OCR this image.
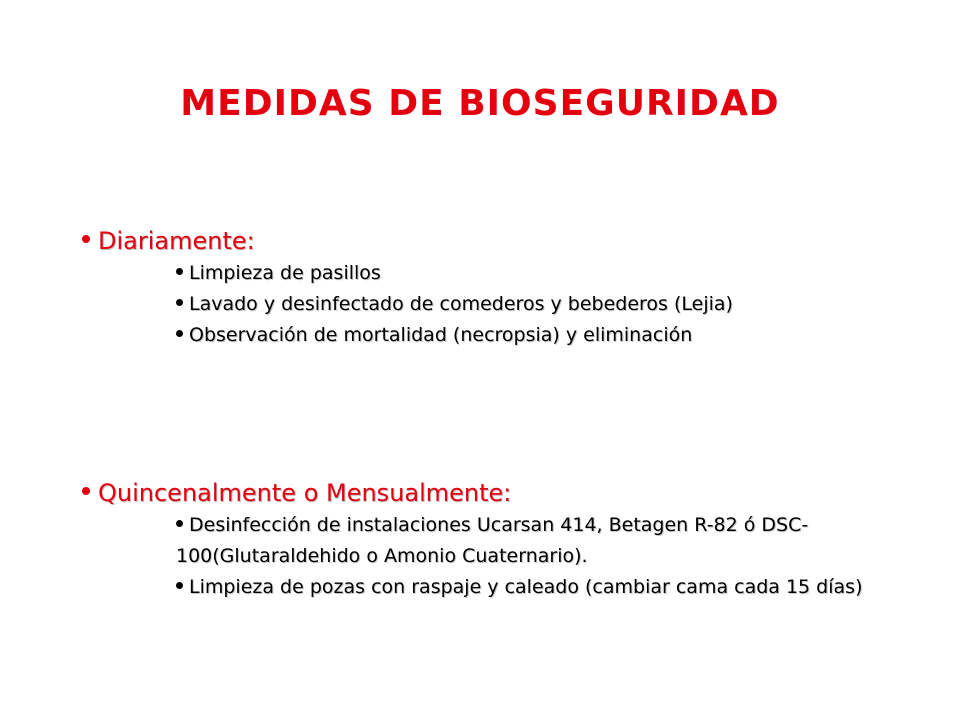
MEDIDAS DE BIOSEGURIDAD
Diariamente:
Limpieza de pasillos
Lavado y desinfectado de comederos y bebederos (Lejia)
Observación de mortalidad (necropsia) y eliminación
Quincenalmente o Mensualmente:
Desinfección de instalaciones Ucarsan 414, Betagen R-82 ó DSC-100(Glutaraldehido o Amonio Cuaternario).
Limpieza de pozas con raspaje y caleado (cambiar cama cada 15 días)
